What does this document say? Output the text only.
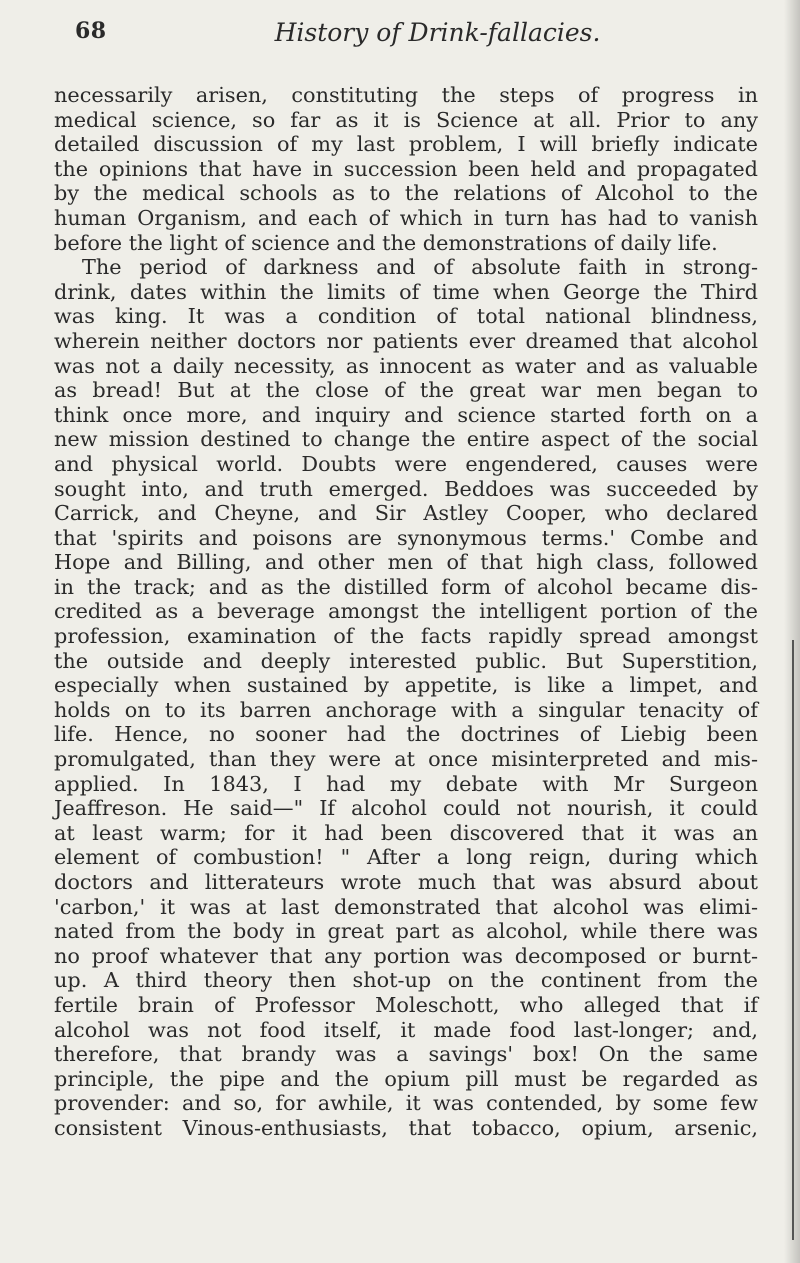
68	History of Drink-fallacies.
necessarily arisen, constituting the steps of progress in
medical science, so far as it is Science at all. Prior to any
detailed discussion of my last problem, I will briefly indicate
the opinions that have in succession been held and propagated
by the medical schools as to the relations of Alcohol to the
human Organism, and each of which in turn has had to vanish
before the light of science and the demonstrations of daily life.
The period of darkness and of absolute faith in strong-
drink, dates within the limits of time when George the Third
was king. It was a condition of total national blindness,
wherein neither doctors nor patients ever dreamed that alcohol
was not a daily necessity, as innocent as water and as valuable
as bread! But at the close of the great war men began to
think once more, and inquiry and science started forth on a
new mission destined to change the entire aspect of the social
and physical world. Doubts were engendered, causes were
sought into, and truth emerged. Beddoes was succeeded by
Carrick, and Cheyne, and Sir Astley Cooper, who declared
that 'spirits and poisons are synonymous terms.' Combe and
Hope and Billing, and other men of that high class, followed
in the track; and as the distilled form of alcohol became dis-
credited as a beverage amongst the intelligent portion of the
profession, examination of the facts rapidly spread amongst
the outside and deeply interested public. But Superstition,
especially when sustained by appetite, is like a limpet, and
holds on to its barren anchorage with a singular tenacity of
life. Hence, no sooner had the doctrines of Liebig been
promulgated, than they were at once misinterpreted and mis-
applied. In 1843, I had my debate with Mr Surgeon
Jeaffreson. He said—" If alcohol could not nourish, it could
at least warm; for it had been discovered that it was an
element of combustion! " After a long reign, during which
doctors and litterateurs wrote much that was absurd about
'carbon,' it was at last demonstrated that alcohol was elimi-
nated from the body in great part as alcohol, while there was
no proof whatever that any portion was decomposed or burnt-
up. A third theory then shot-up on the continent from the
fertile brain of Professor Moleschott, who alleged that if
alcohol was not food itself, it made food last-longer; and,
therefore, that brandy was a savings' box! On the same
principle, the pipe and the opium pill must be regarded as
provender: and so, for awhile, it was contended, by some few
consistent Vinous-enthusiasts, that tobacco, opium, arsenic,
